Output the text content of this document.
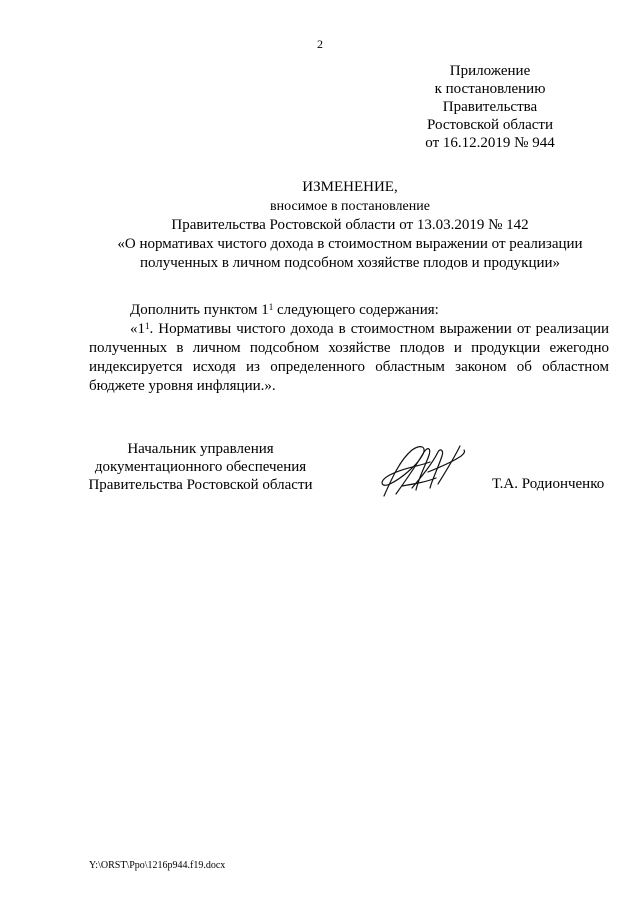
2
Приложение
к постановлению
Правительства
Ростовской области
от 16.12.2019 № 944
ИЗМЕНЕНИЕ,
вносимое в постановление
Правительства Ростовской области от 13.03.2019 № 142
«О нормативах чистого дохода в стоимостном выражении от реализации
полученных в личном подсобном хозяйстве плодов и продукции»
Дополнить пунктом $1^1$ следующего содержания:
«$1^1$. Нормативы чистого дохода в стоимостном выражении от реализации
полученных в личном подсобном хозяйстве плодов и продукции ежегодно
индексируется исходя из определенного областным законом об областном
бюджете уровня инфляции.».
Начальник управления
документационного обеспечения
Правительства Ростовской области	Т.А. Родионченко
Y:\ORST\Ppo\1216p944.f19.docx
